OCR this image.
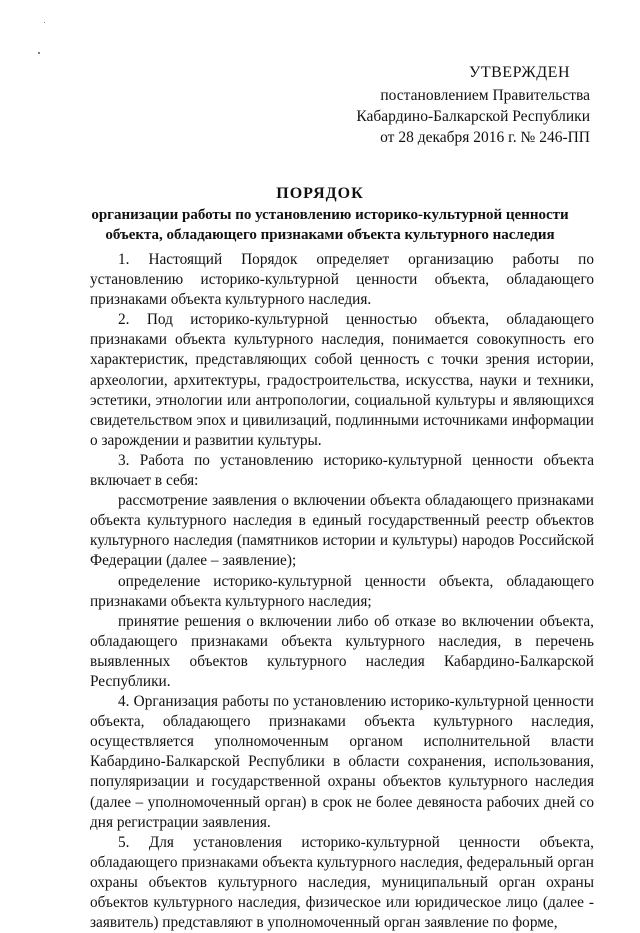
УТВЕРЖДЕН
постановлением Правительства
Кабардино-Балкарской Республики
от 28 декабря 2016 г. № 246-ПП
ПОРЯДОК
организации работы по установлению историко-культурной ценности объекта, обладающего признаками объекта культурного наследия

1. Настоящий Порядок определяет организацию работы по установлению историко-культурной ценности объекта, обладающего признаками объекта культурного наследия.

2. Под историко-культурной ценностью объекта, обладающего признаками объекта культурного наследия, понимается совокупность его характеристик, представляющих собой ценность с точки зрения истории, археологии, архитектуры, градостроительства, искусства, науки и техники, эстетики, этнологии или антропологии, социальной культуры и являющихся свидетельством эпох и цивилизаций, подлинными источниками информации о зарождении и развитии культуры.

3. Работа по установлению историко-культурной ценности объекта включает в себя:

рассмотрение заявления о включении объекта обладающего признаками объекта культурного наследия в единый государственный реестр объектов культурного наследия (памятников истории и культуры) народов Российской Федерации (далее – заявление);

определение историко-культурной ценности объекта, обладающего признаками объекта культурного наследия;

принятие решения о включении либо об отказе во включении объекта, обладающего признаками объекта культурного наследия, в перечень выявленных объектов культурного наследия Кабардино-Балкарской Республики.

4. Организация работы по установлению историко-культурной ценности объекта, обладающего признаками объекта культурного наследия, осуществляется уполномоченным органом исполнительной власти Кабардино-Балкарской Республики в области сохранения, использования, популяризации и государственной охраны объектов культурного наследия (далее – уполномоченный орган) в срок не более девяноста рабочих дней со дня регистрации заявления.

5. Для установления историко-культурной ценности объекта, обладающего признаками объекта культурного наследия, федеральный орган охраны объектов культурного наследия, муниципальный орган охраны объектов культурного наследия, физическое или юридическое лицо (далее - заявитель) представляют в уполномоченный орган заявление по форме,
